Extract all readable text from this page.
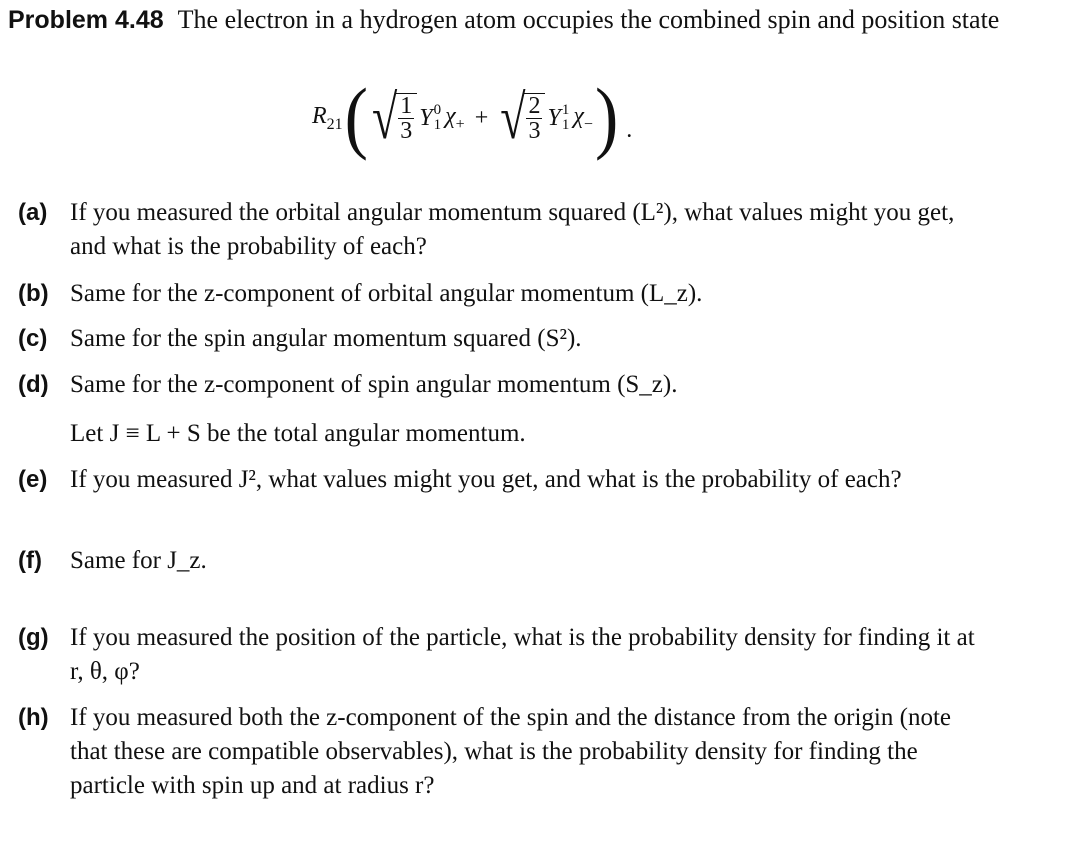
Problem 4.48 The electron in a hydrogen atom occupies the combined spin and position state
$R_{21}$ ( √
$\frac{1}{3}$ Y 0
1 $\chi_+$ + √
$\frac{2}{3}$ Y 1
1 $\chi_-$ ) .
(a) If you measured the orbital angular momentum squared (L²), what values might you get, and what is the probability of each?
(b) Same for the z-component of orbital angular momentum (L_z).
(c) Same for the spin angular momentum squared (S²).
(d) Same for the z-component of spin angular momentum (S_z).
Let J ≡ L + S be the total angular momentum.
(e) If you measured J², what values might you get, and what is the probability of each?
(f)	Same for J_z.
(g) If you measured the position of the particle, what is the probability density for finding it at r, θ, φ?
(h) If you measured both the z-component of the spin and the distance from the origin (note that these are compatible observables), what is the probability density for finding the particle with spin up and at radius r?
